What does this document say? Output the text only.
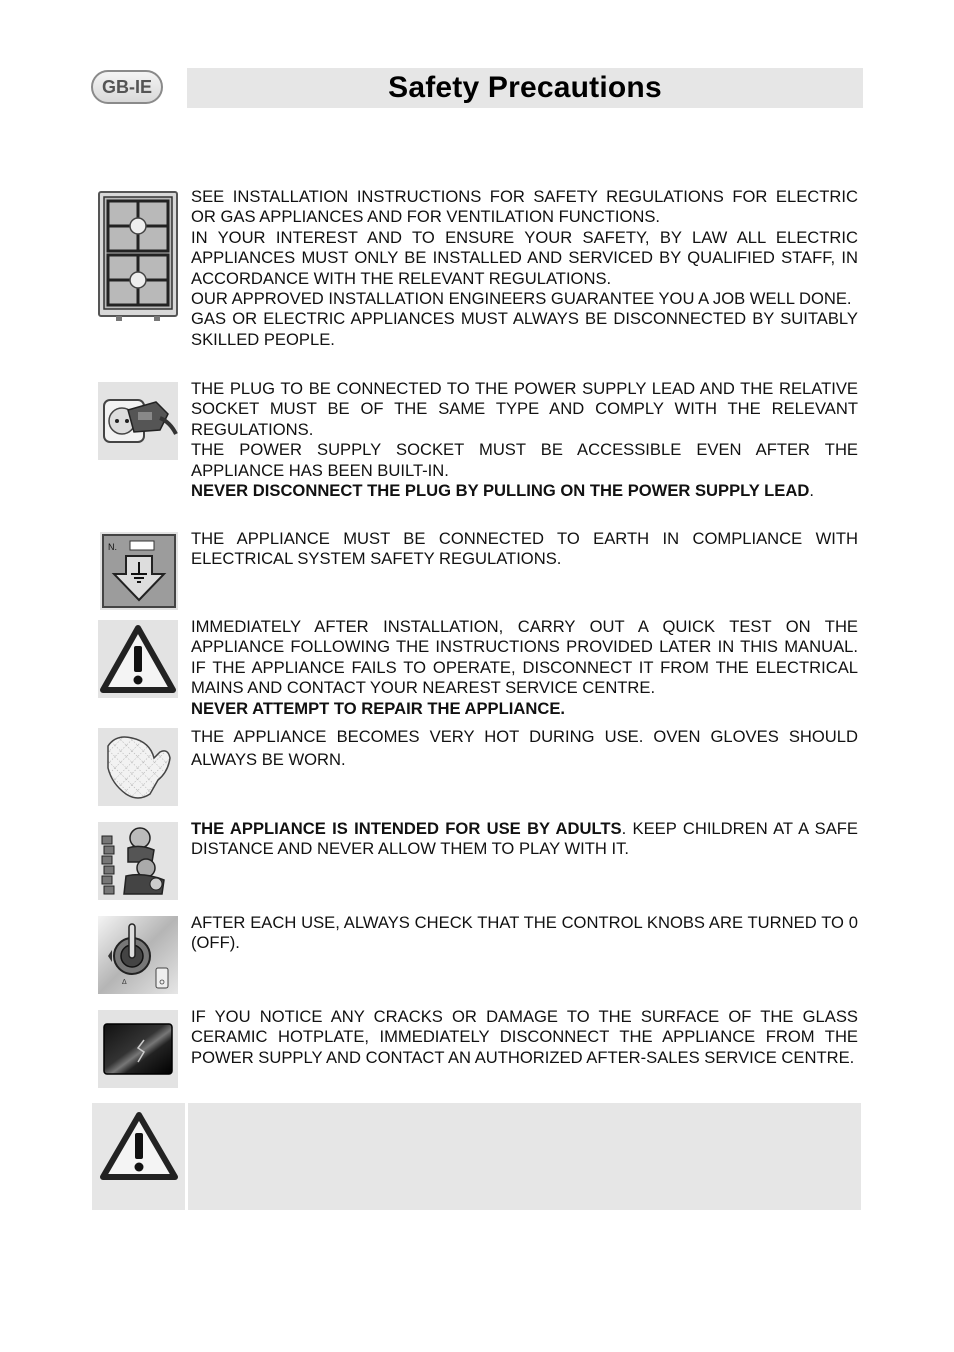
GB-IE	Safety Precautions

SEE INSTALLATION INSTRUCTIONS FOR SAFETY REGULATIONS FOR ELECTRIC OR GAS APPLIANCES AND FOR VENTILATION FUNCTIONS.

IN YOUR INTEREST AND TO ENSURE YOUR SAFETY, BY LAW ALL ELECTRIC APPLIANCES MUST ONLY BE INSTALLED AND SERVICED BY QUALIFIED STAFF, IN ACCORDANCE WITH THE RELEVANT REGULATIONS.

OUR APPROVED INSTALLATION ENGINEERS GUARANTEE YOU A JOB WELL DONE.

GAS OR ELECTRIC APPLIANCES MUST ALWAYS BE DISCONNECTED BY SUITABLY SKILLED PEOPLE.

THE PLUG TO BE CONNECTED TO THE POWER SUPPLY LEAD AND THE RELATIVE SOCKET MUST BE OF THE SAME TYPE AND COMPLY WITH THE RELEVANT REGULATIONS.

THE POWER SUPPLY SOCKET MUST BE ACCESSIBLE EVEN AFTER THE APPLIANCE HAS BEEN BUILT-IN.

NEVER DISCONNECT THE PLUG BY PULLING ON THE POWER SUPPLY LEAD.

N.	THE APPLIANCE MUST BE CONNECTED TO EARTH IN COMPLIANCE WITH ELECTRICAL SYSTEM SAFETY REGULATIONS.

IMMEDIATELY AFTER INSTALLATION, CARRY OUT A QUICK TEST ON THE APPLIANCE FOLLOWING THE INSTRUCTIONS PROVIDED LATER IN THIS MANUAL. IF THE APPLIANCE FAILS TO OPERATE, DISCONNECT IT FROM THE ELECTRICAL MAINS AND CONTACT YOUR NEAREST SERVICE CENTRE.

NEVER ATTEMPT TO REPAIR THE APPLIANCE.

THE APPLIANCE BECOMES VERY HOT DURING USE. OVEN GLOVES SHOULD ALWAYS BE WORN.

THE APPLIANCE IS INTENDED FOR USE BY ADULTS. KEEP CHILDREN AT A SAFE DISTANCE AND NEVER ALLOW THEM TO PLAY WITH IT.

Δ

AFTER EACH USE, ALWAYS CHECK THAT THE CONTROL KNOBS ARE TURNED TO 0 (OFF).

IF YOU NOTICE ANY CRACKS OR DAMAGE TO THE SURFACE OF THE GLASS CERAMIC HOTPLATE, IMMEDIATELY DISCONNECT THE APPLIANCE FROM THE POWER SUPPLY AND CONTACT AN AUTHORIZED AFTER-SALES SERVICE CENTRE.
